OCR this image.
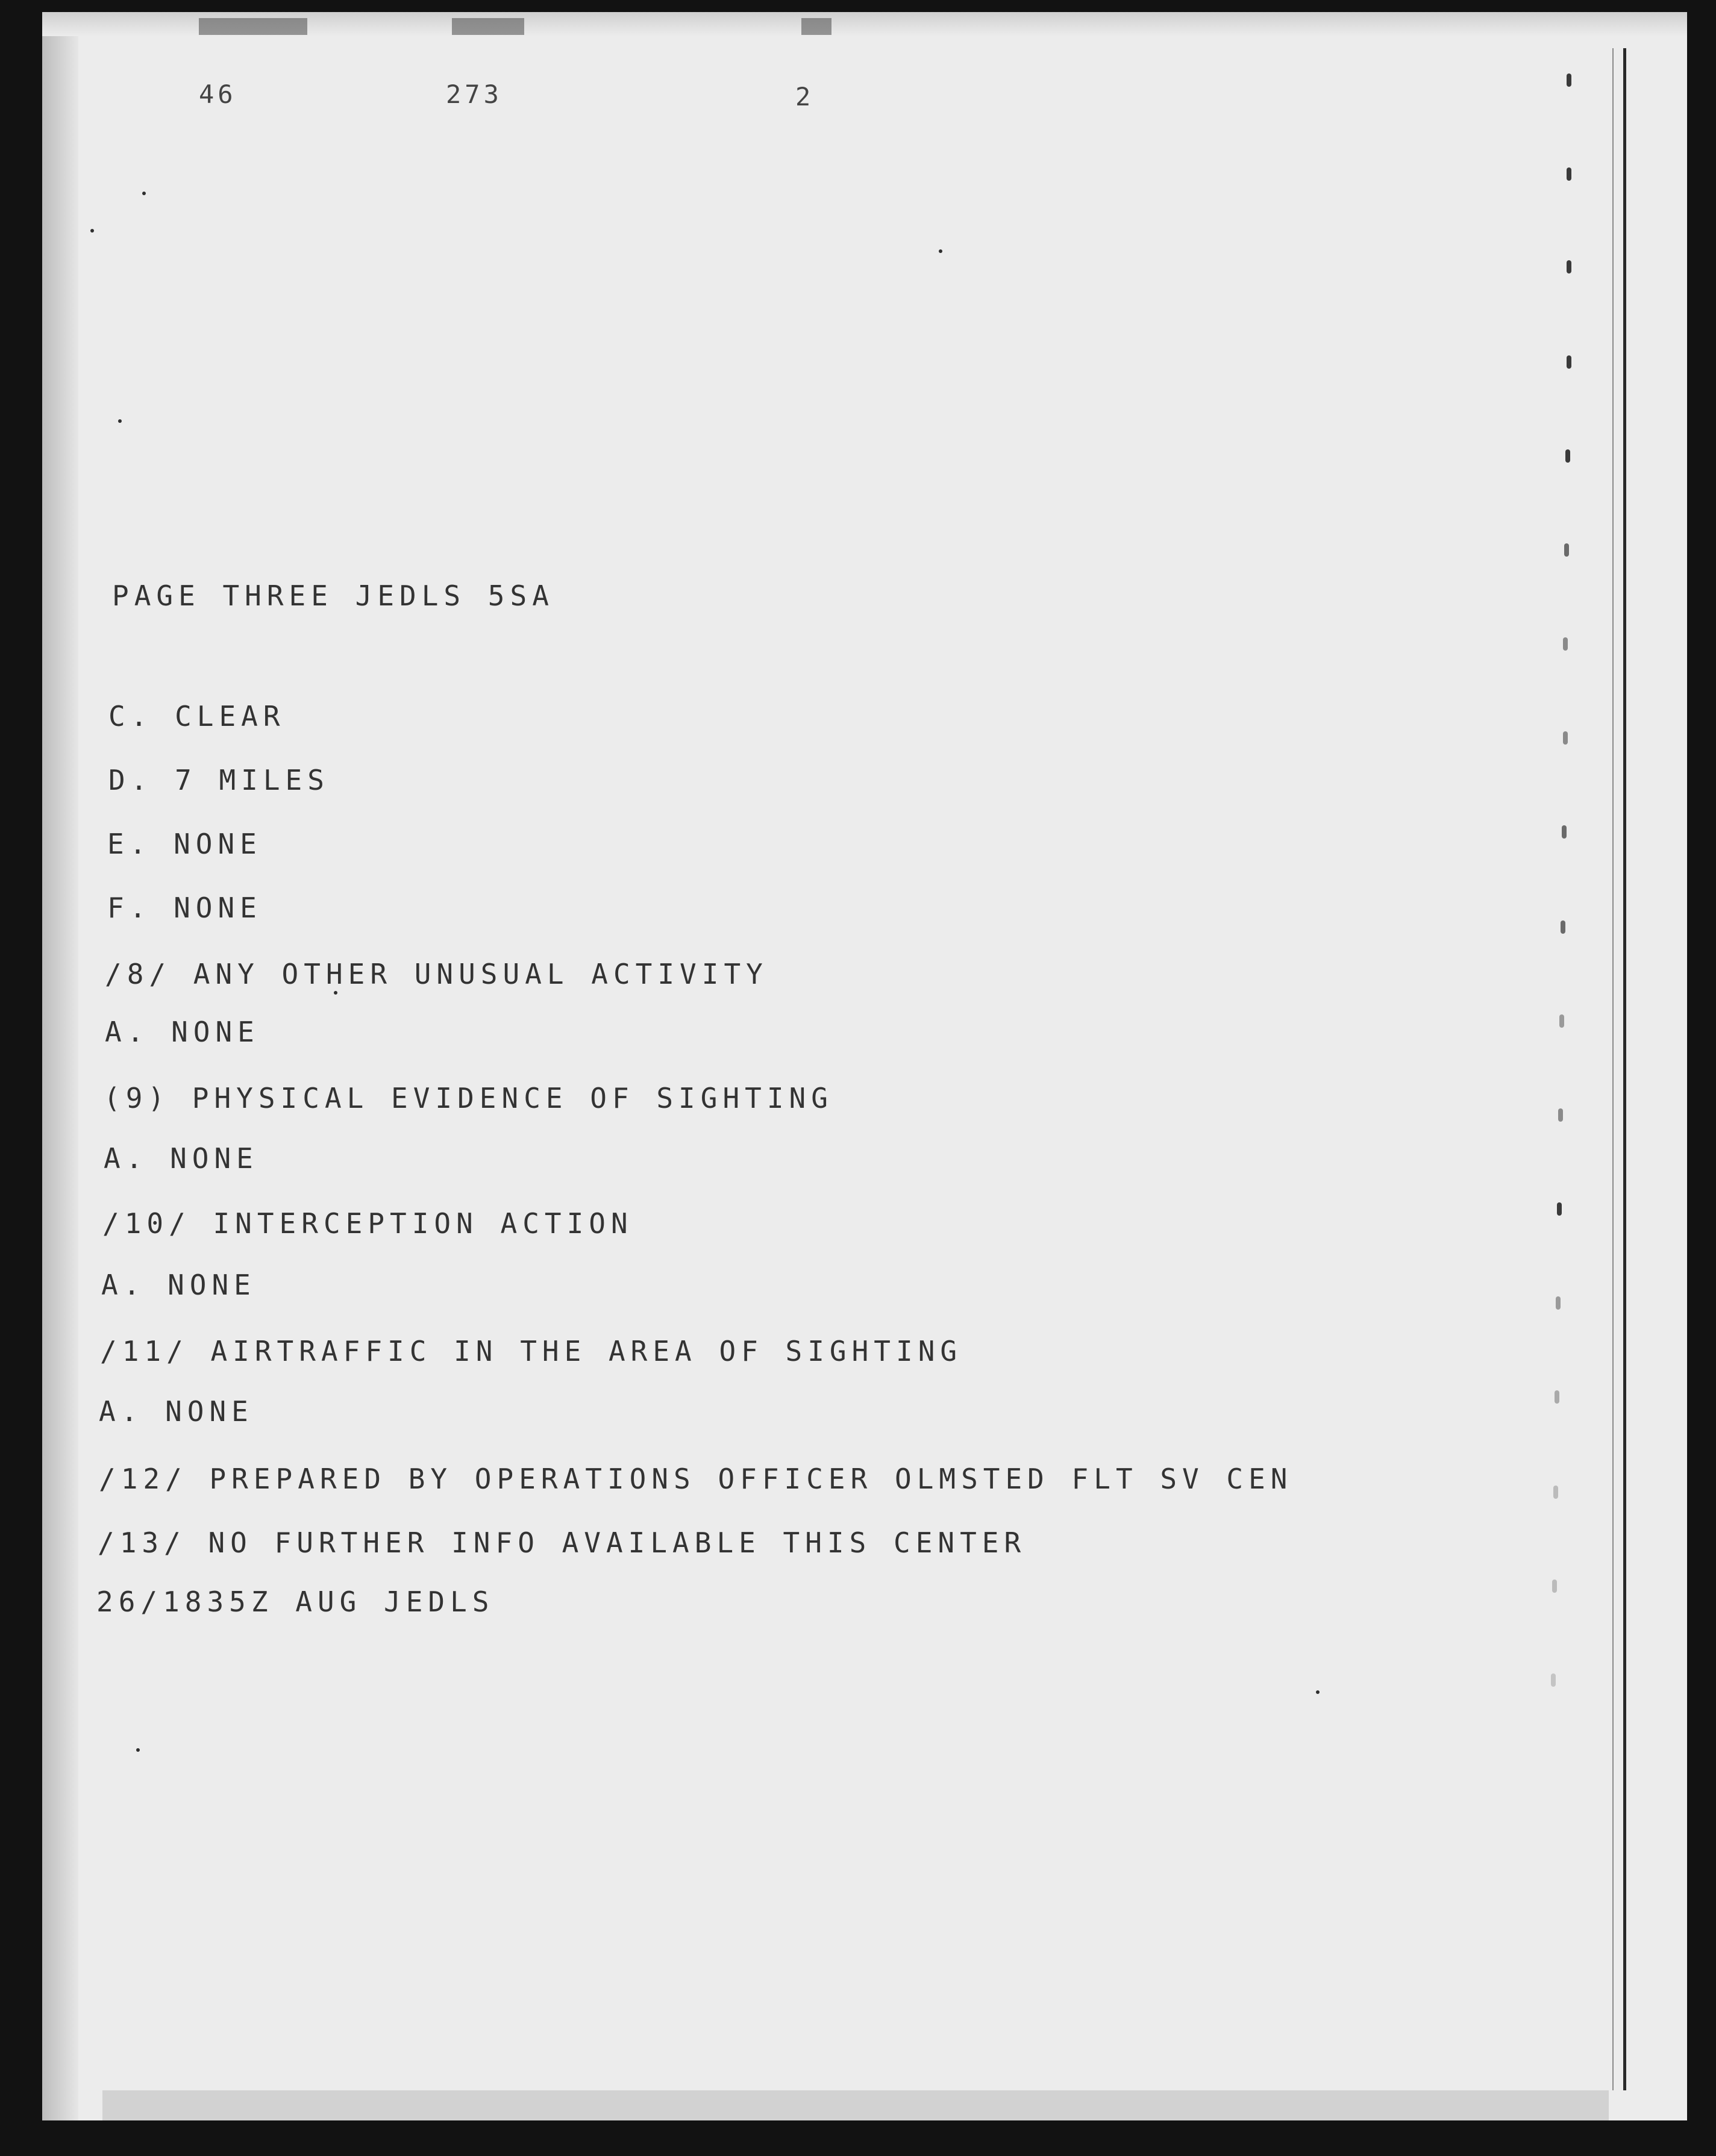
46	273	2
PAGE THREE JEDLS 5SA
C. CLEAR
D. 7 MILES
E. NONE
F. NONE
/8/ ANY OTHER UNUSUAL ACTIVITY
A. NONE
(9) PHYSICAL EVIDENCE OF SIGHTING
A. NONE
/10/ INTERCEPTION ACTION
A. NONE
/11/ AIRTRAFFIC IN THE AREA OF SIGHTING
A. NONE
/12/ PREPARED BY OPERATIONS OFFICER OLMSTED FLT SV CEN
/13/ NO FURTHER INFO AVAILABLE THIS CENTER
26/1835Z AUG JEDLS
